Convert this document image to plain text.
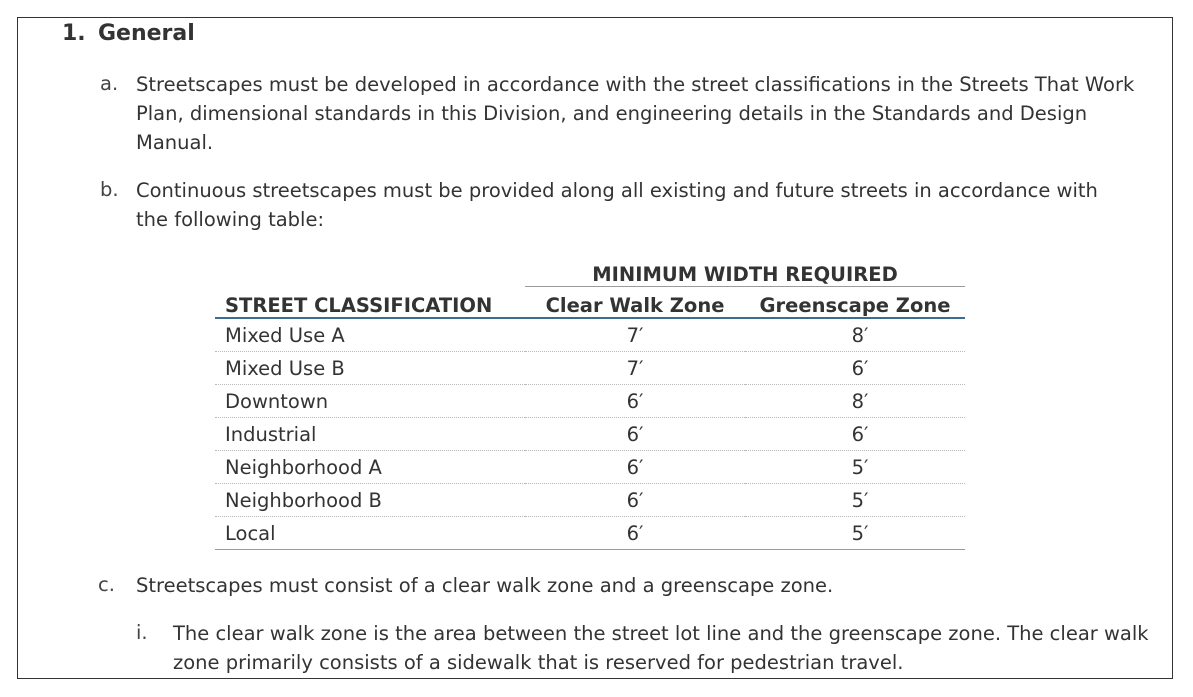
1. General
a. Streetscapes must be developed in accordance with the street classifications in the Streets That Work Plan, dimensional standards in this Division, and engineering details in the Standards and Design Manual.
b. Continuous streetscapes must be provided along all existing and future streets in accordance with the following table:
	MINIMUM WIDTH REQUIRED	
STREET CLASSIFICATION	Clear Walk Zone	Greenscape Zone
Mixed Use A	7′	8′
Mixed Use B	7′	6′
Downtown	6′	8′
Industrial	6′	6′
Neighborhood A	6′	5′
Neighborhood B	6′	5′
Local	6′	5′
c. Streetscapes must consist of a clear walk zone and a greenscape zone.
i. The clear walk zone is the area between the street lot line and the greenscape zone. The clear walk zone primarily consists of a sidewalk that is reserved for pedestrian travel.
